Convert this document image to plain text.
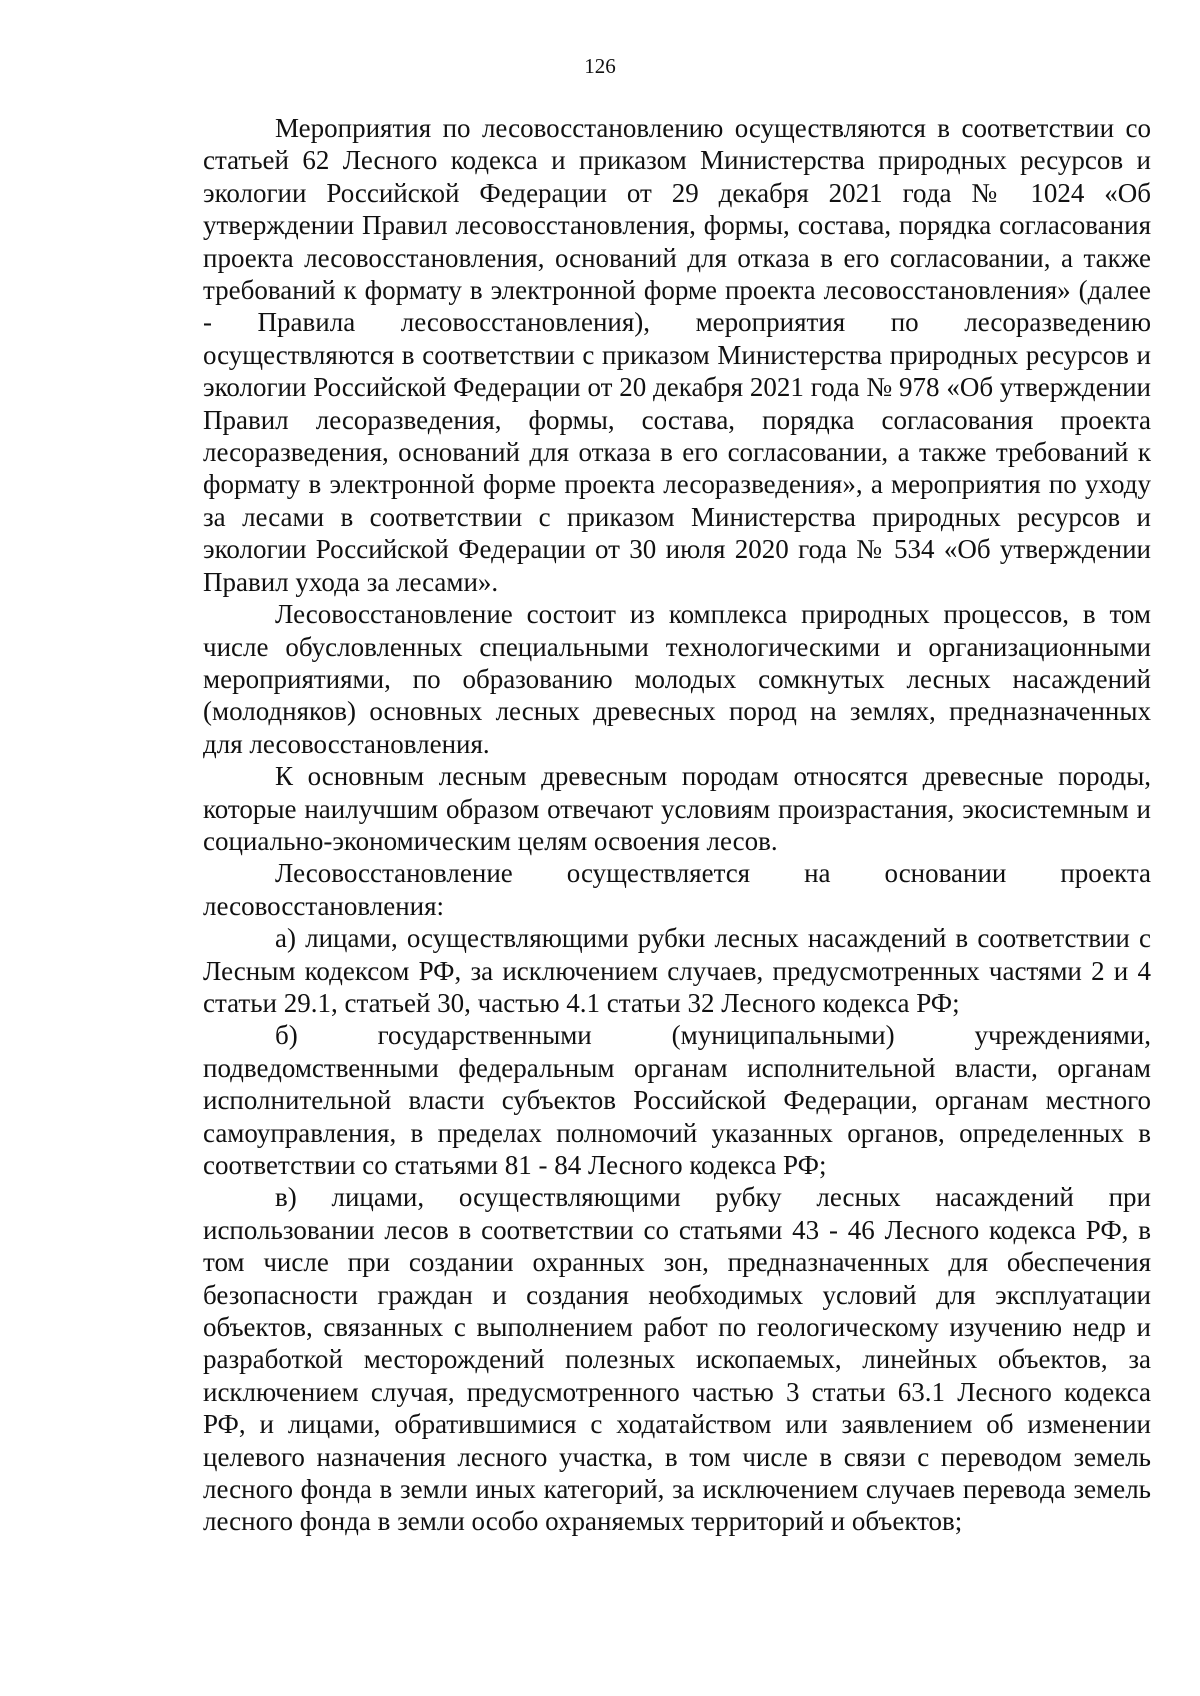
126

Мероприятия по лесовосстановлению осуществляются в соответствии со статьей 62 Лесного кодекса и приказом Министерства природных ресурсов и экологии Российской Федерации от 29 декабря 2021 года № 1024 «Об утверждении Правил лесовосстановления, формы, состава, порядка согласования проекта лесовосстановления, оснований для отказа в его согласовании, а также требований к формату в электронной форме проекта лесовосстановления» (далее - Правила лесовосстановления), мероприятия по лесоразведению осуществляются в соответствии с приказом Министерства природных ресурсов и экологии Российской Федерации от 20 декабря 2021 года № 978 «Об утверждении Правил лесоразведения, формы, состава, порядка согласования проекта лесоразведения, оснований для отказа в его согласовании, а также требований к формату в электронной форме проекта лесоразведения», а мероприятия по уходу за лесами в соответствии с приказом Министерства природных ресурсов и экологии Российской Федерации от 30 июля 2020 года № 534 «Об утверждении Правил ухода за лесами».

Лесовосстановление состоит из комплекса природных процессов, в том числе обусловленных специальными технологическими и организационными мероприятиями, по образованию молодых сомкнутых лесных насаждений (молодняков) основных лесных древесных пород на землях, предназначенных для лесовосстановления.

К основным лесным древесным породам относятся древесные породы, которые наилучшим образом отвечают условиям произрастания, экосистемным и социально-экономическим целям освоения лесов.

Лесовосстановление осуществляется на основании проекта лесовосстановления:

а) лицами, осуществляющими рубки лесных насаждений в соответствии с Лесным кодексом РФ, за исключением случаев, предусмотренных частями 2 и 4 статьи 29.1, статьей 30, частью 4.1 статьи 32 Лесного кодекса РФ;

б) государственными (муниципальными) учреждениями, подведомственными федеральным органам исполнительной власти, органам исполнительной власти субъектов Российской Федерации, органам местного самоуправления, в пределах полномочий указанных органов, определенных в соответствии со статьями 81 - 84 Лесного кодекса РФ;

в) лицами, осуществляющими рубку лесных насаждений при использовании лесов в соответствии со статьями 43 - 46 Лесного кодекса РФ, в том числе при создании охранных зон, предназначенных для обеспечения безопасности граждан и создания необходимых условий для эксплуатации объектов, связанных с выполнением работ по геологическому изучению недр и разработкой месторождений полезных ископаемых, линейных объектов, за исключением случая, предусмотренного частью 3 статьи 63.1 Лесного кодекса РФ, и лицами, обратившимися с ходатайством или заявлением об изменении целевого назначения лесного участка, в том числе в связи с переводом земель лесного фонда в земли иных категорий, за исключением случаев перевода земель лесного фонда в земли особо охраняемых территорий и объектов;
